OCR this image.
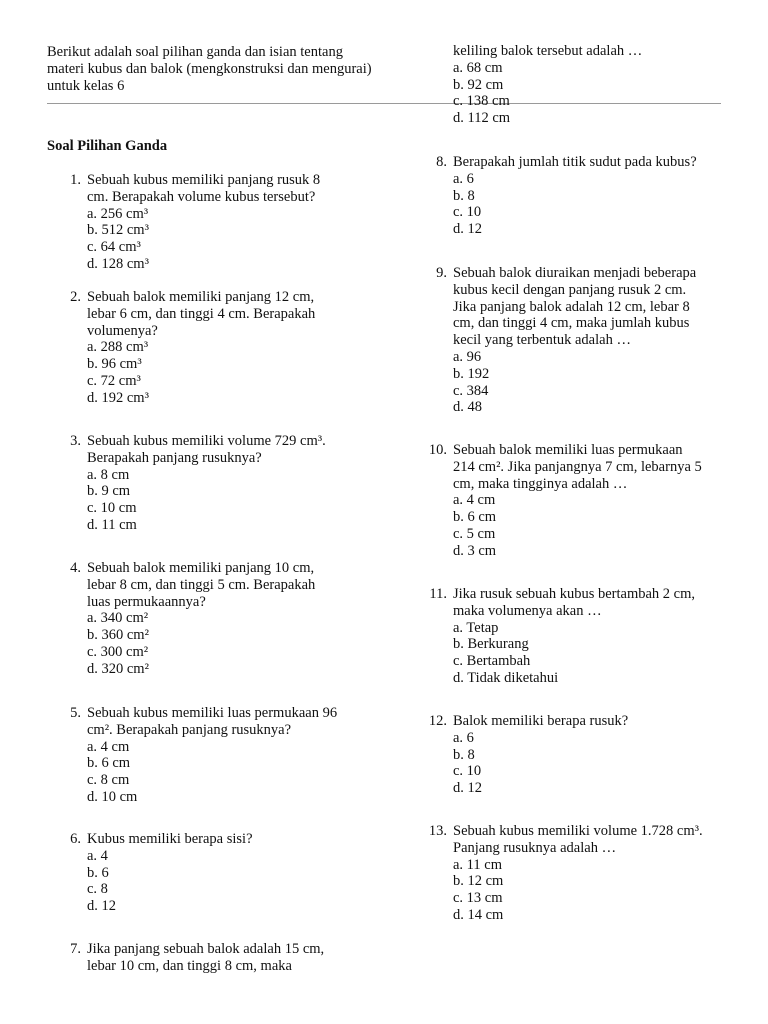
Berikut adalah soal pilihan ganda dan isian tentang materi kubus dan balok (mengkonstruksi dan mengurai) untuk kelas 6

Soal Pilihan Ganda

keliling balok tersebut adalah …
a. 68 cm
b. 92 cm
c. 138 cm
d. 112 cm
1. Sebuah kubus memiliki panjang rusuk 8
cm. Berapakah volume kubus tersebut?
a. 256 cm³
b. 512 cm³
c. 64 cm³
d. 128 cm³
2. Sebuah balok memiliki panjang 12 cm,
lebar 6 cm, dan tinggi 4 cm. Berapakah
volumenya?
a. 288 cm³
b. 96 cm³
c. 72 cm³
d. 192 cm³
3. Sebuah kubus memiliki volume 729 cm³.
Berapakah panjang rusuknya?
a. 8 cm
b. 9 cm
c. 10 cm
d. 11 cm
4. Sebuah balok memiliki panjang 10 cm,
lebar 8 cm, dan tinggi 5 cm. Berapakah
luas permukaannya?
a. 340 cm²
b. 360 cm²
c. 300 cm²
d. 320 cm²
5. Sebuah kubus memiliki luas permukaan 96
cm². Berapakah panjang rusuknya?
a. 4 cm
b. 6 cm
c. 8 cm
d. 10 cm
6. Kubus memiliki berapa sisi?
a. 4
b. 6
c. 8
d. 12
7. Jika panjang sebuah balok adalah 15 cm,
lebar 10 cm, dan tinggi 8 cm, maka
8. Berapakah jumlah titik sudut pada kubus?
a. 6
b. 8
c. 10
d. 12
9. Sebuah balok diuraikan menjadi beberapa
kubus kecil dengan panjang rusuk 2 cm.
Jika panjang balok adalah 12 cm, lebar 8
cm, dan tinggi 4 cm, maka jumlah kubus
kecil yang terbentuk adalah …
a. 96
b. 192
c. 384
d. 48
10. Sebuah balok memiliki luas permukaan
214 cm². Jika panjangnya 7 cm, lebarnya 5
cm, maka tingginya adalah …
a. 4 cm
b. 6 cm
c. 5 cm
d. 3 cm
11. Jika rusuk sebuah kubus bertambah 2 cm,
maka volumenya akan …
a. Tetap
b. Berkurang
c. Bertambah
d. Tidak diketahui
12. Balok memiliki berapa rusuk?
a. 6
b. 8
c. 10
d. 12
13. Sebuah kubus memiliki volume 1.728 cm³.
Panjang rusuknya adalah …
a. 11 cm
b. 12 cm
c. 13 cm
d. 14 cm
